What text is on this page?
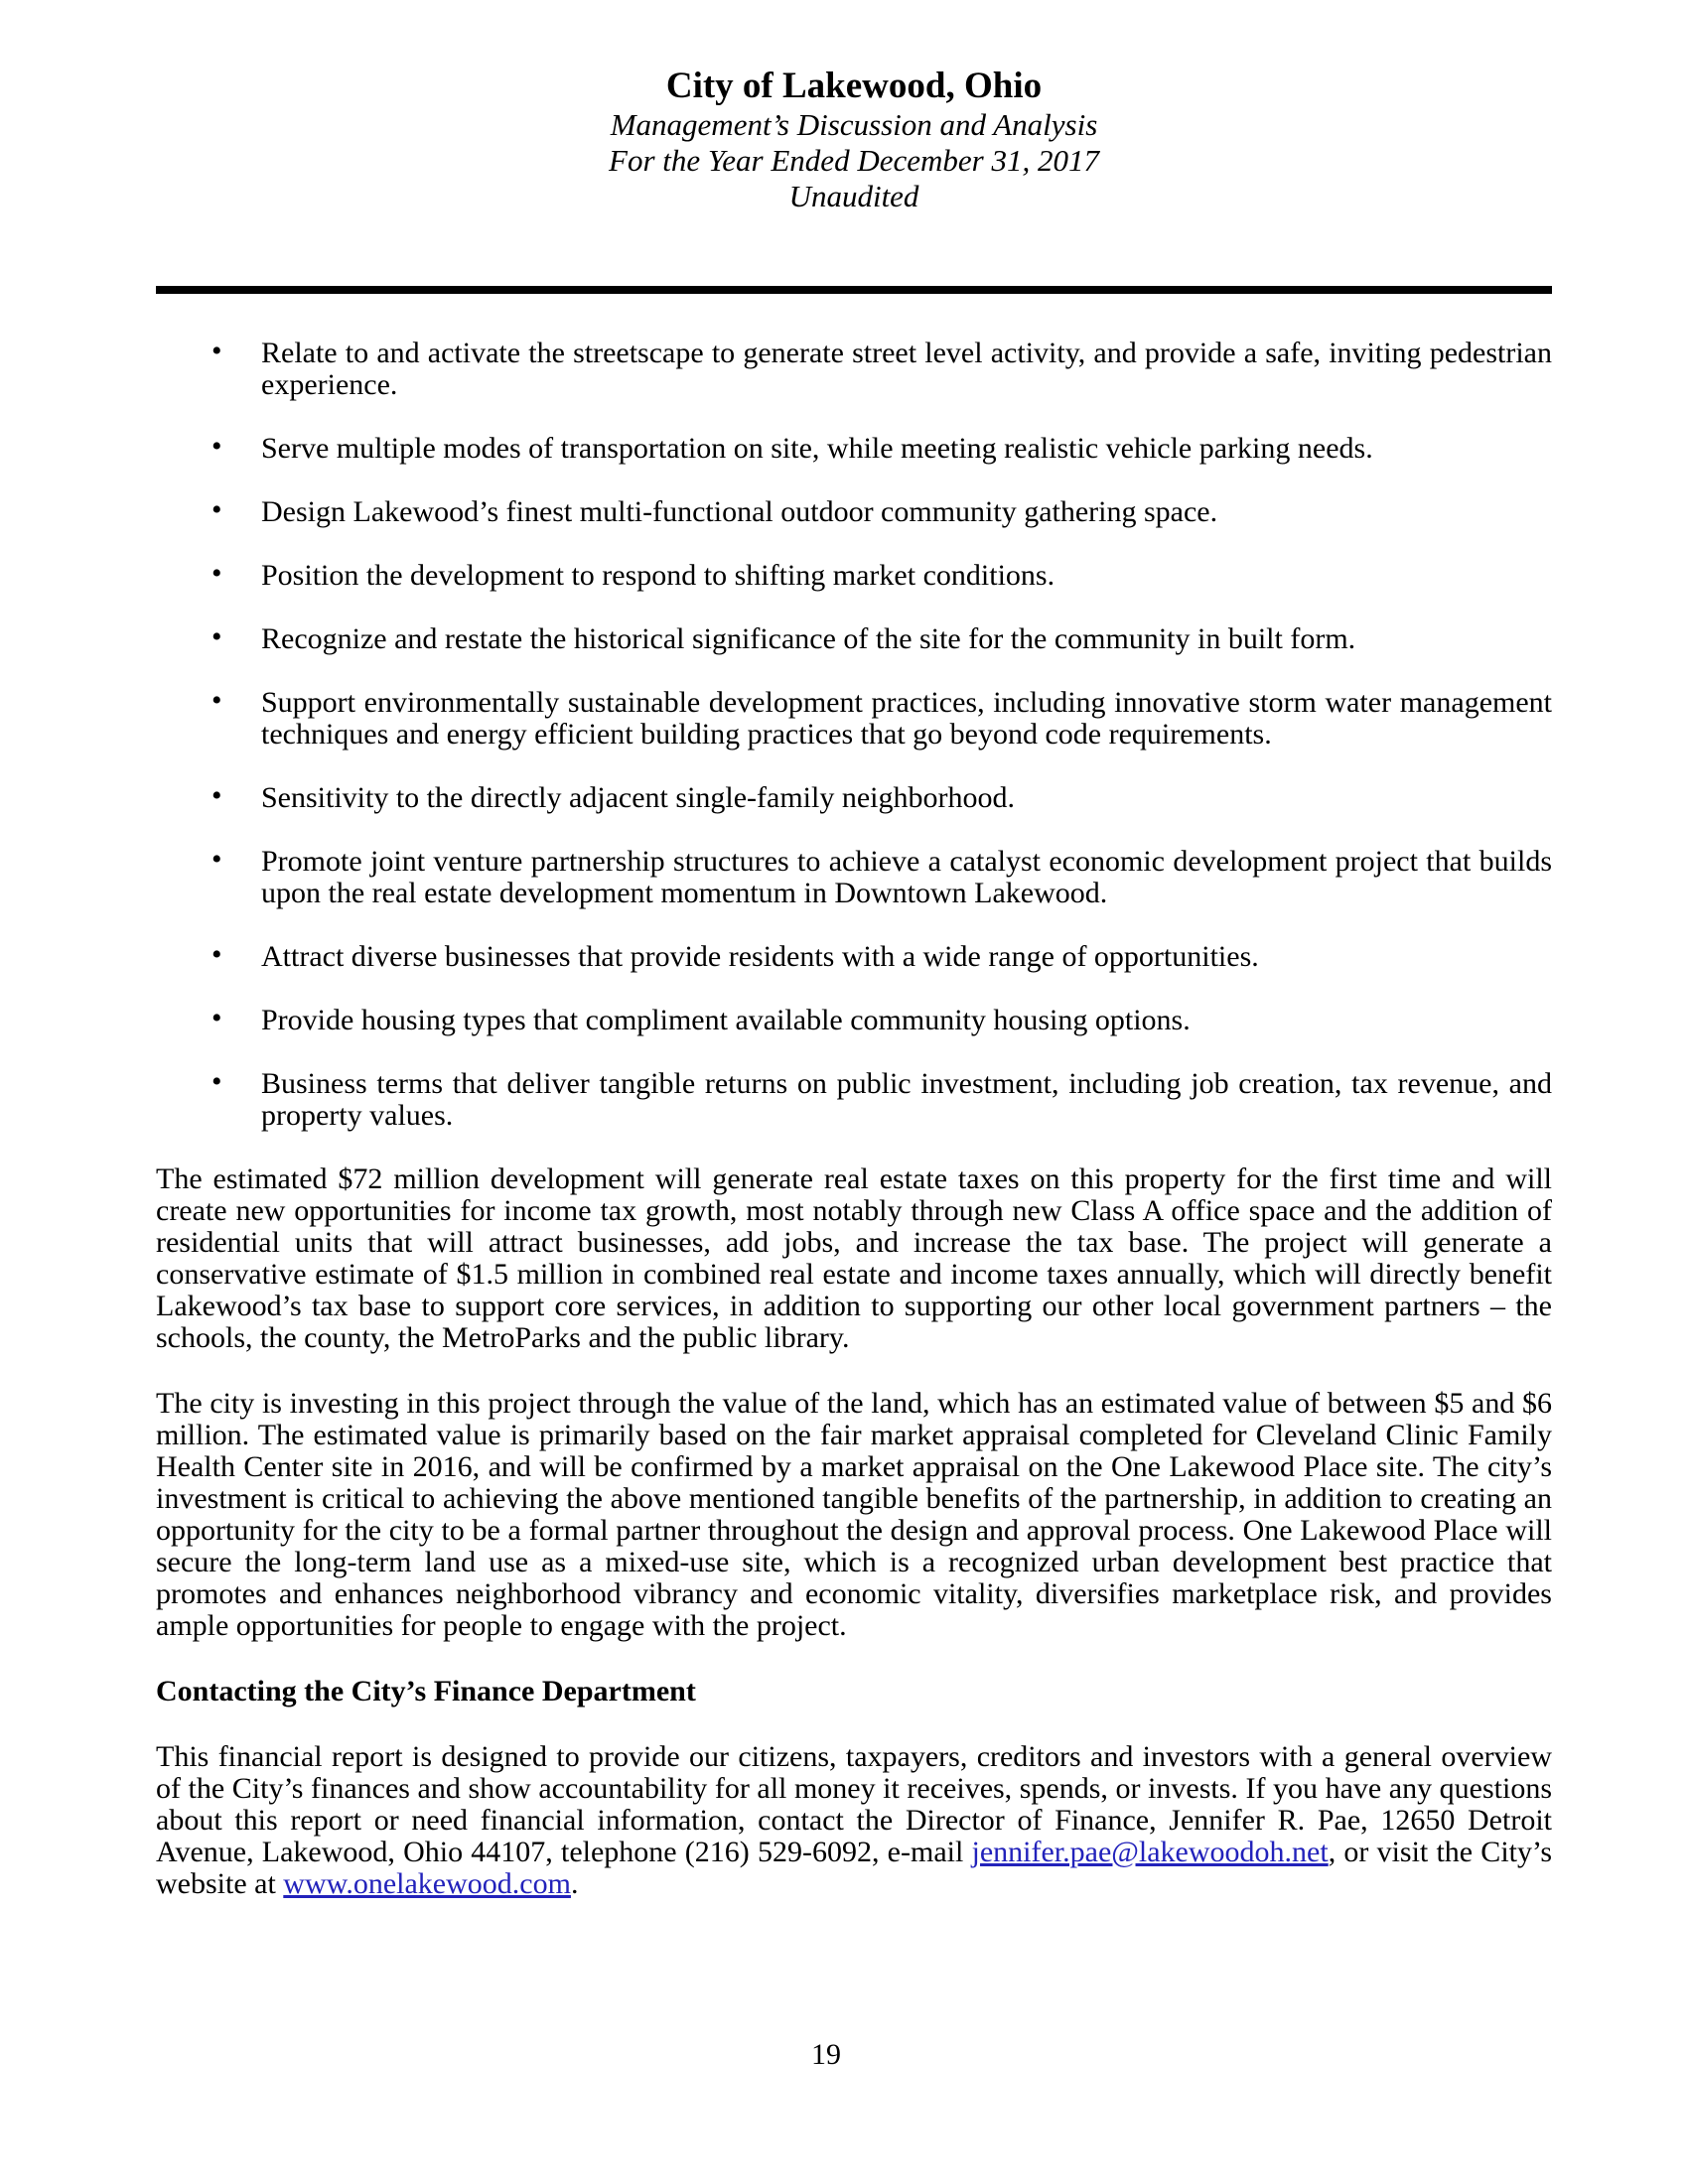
City of Lakewood, Ohio
Management’s Discussion and Analysis
For the Year Ended December 31, 2017
Unaudited
• Relate to and activate the streetscape to generate street level activity, and provide a safe, inviting pedestrian experience.
• Serve multiple modes of transportation on site, while meeting realistic vehicle parking needs.
• Design Lakewood’s finest multi-functional outdoor community gathering space.
• Position the development to respond to shifting market conditions.
• Recognize and restate the historical significance of the site for the community in built form.
• Support environmentally sustainable development practices, including innovative storm water management techniques and energy efficient building practices that go beyond code requirements.
• Sensitivity to the directly adjacent single-family neighborhood.
• Promote joint venture partnership structures to achieve a catalyst economic development project that builds upon the real estate development momentum in Downtown Lakewood.
• Attract diverse businesses that provide residents with a wide range of opportunities.
• Provide housing types that compliment available community housing options.
• Business terms that deliver tangible returns on public investment, including job creation, tax revenue, and property values.

The estimated $72 million development will generate real estate taxes on this property for the first time and will create new opportunities for income tax growth, most notably through new Class A office space and the addition of residential units that will attract businesses, add jobs, and increase the tax base. The project will generate a conservative estimate of $1.5 million in combined real estate and income taxes annually, which will directly benefit Lakewood’s tax base to support core services, in addition to supporting our other local government partners – the schools, the county, the MetroParks and the public library.

The city is investing in this project through the value of the land, which has an estimated value of between $5 and $6 million. The estimated value is primarily based on the fair market appraisal completed for Cleveland Clinic Family Health Center site in 2016, and will be confirmed by a market appraisal on the One Lakewood Place site. The city’s investment is critical to achieving the above mentioned tangible benefits of the partnership, in addition to creating an opportunity for the city to be a formal partner throughout the design and approval process. One Lakewood Place will secure the long-term land use as a mixed-use site, which is a recognized urban development best practice that promotes and enhances neighborhood vibrancy and economic vitality, diversifies marketplace risk, and provides ample opportunities for people to engage with the project.

Contacting the City’s Finance Department

This financial report is designed to provide our citizens, taxpayers, creditors and investors with a general overview of the City’s finances and show accountability for all money it receives, spends, or invests. If you have any questions about this report or need financial information, contact the Director of Finance, Jennifer R. Pae, 12650 Detroit Avenue, Lakewood, Ohio 44107, telephone (216) 529-6092, e-mail jennifer.pae@lakewoodoh.net, or visit the City’s website at www.onelakewood.com.

19
